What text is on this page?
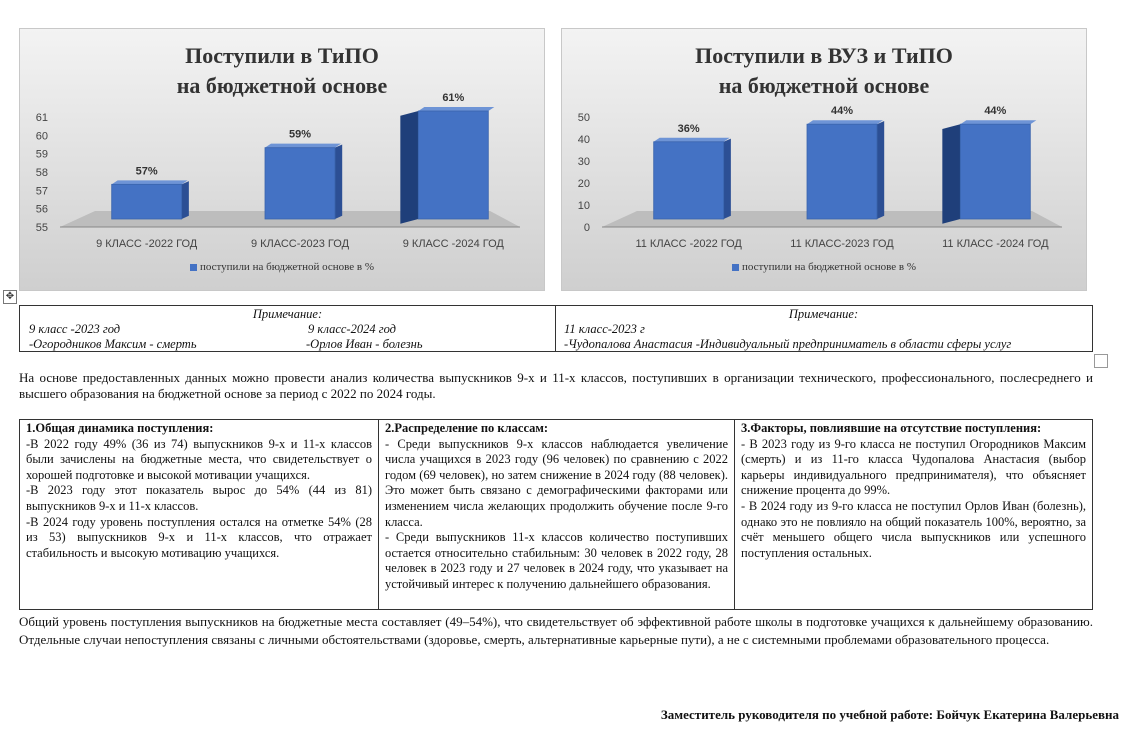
55
56
57
58
59
60
61
57%
9 КЛАСС -2022 ГОД
59%
9 КЛАСС-2023 ГОД
61%
9 КЛАСС -2024 ГОД
Поступили в ТиПО
на бюджетной основе
поступили на бюджетной основе в %
0
10
20
30
40
50
36%
11 КЛАСС -2022 ГОД
44%
11 КЛАСС-2023 ГОД
44%
11 КЛАСС -2024 ГОД
Поступили в ВУЗ и ТиПО
на бюджетной основе
поступили на бюджетной основе в %
✥
Примечание:
9 класс -2023 год	9 класс-2024 год
-Огородников Максим - смерть	-Орлов Иван - болезнь
Примечание:
11 класс-2023 г
-Чудопалова Анастасия -Индивидуальный предприниматель в области сферы услуг
На основе предоставленных данных можно провести анализ количества выпускников 9-х и 11-х классов, поступивших в организации технического, профессионального, послесреднего и высшего образования на бюджетной основе за период с 2022 по 2024 годы.

1.Общая динамика поступления:

-В 2022 году 49% (36 из 74) выпускников 9-х и 11-х классов были зачислены на бюджетные места, что свидетельствует о хорошей подготовке и высокой мотивации учащихся.

-В 2023 году этот показатель вырос до 54% (44 из 81) выпускников 9-х и 11-х классов.

-В 2024 году уровень поступления остался на отметке 54% (28 из 53) выпускников 9-х и 11-х классов, что отражает стабильность и высокую мотивацию учащихся.

2.Распределение по классам:

- Среди выпускников 9-х классов наблюдается увеличение числа учащихся в 2023 году (96 человек) по сравнению с 2022 годом (69 человек), но затем снижение в 2024 году (88 человек). Это может быть связано с демографическими факторами или изменением числа желающих продолжить обучение после 9-го класса.

- Среди выпускников 11-х классов количество поступивших остается относительно стабильным: 30 человек в 2022 году, 28 человек в 2023 году и 27 человек в 2024 году, что указывает на устойчивый интерес к получению дальнейшего образования.

3.Факторы, повлиявшие на отсутствие поступления:

- В 2023 году из 9-го класса не поступил Огородников Максим (смерть) и из 11-го класса Чудопалова Анастасия (выбор карьеры индивидуального предпринимателя), что объясняет снижение процента до 99%.

- В 2024 году из 9-го класса не поступил Орлов Иван (болезнь), однако это не повлияло на общий показатель 100%, вероятно, за счёт меньшего общего числа выпускников или успешного поступления остальных.

Общий уровень поступления выпускников на бюджетные места составляет (49–54%), что свидетельствует об эффективной работе школы в подготовке учащихся к дальнейшему образованию. Отдельные случаи непоступления связаны с личными обстоятельствами (здоровье, смерть, альтернативные карьерные пути), а не с системными проблемами образовательного процесса.
Заместитель руководителя по учебной работе: Бойчук Екатерина Валерьевна
